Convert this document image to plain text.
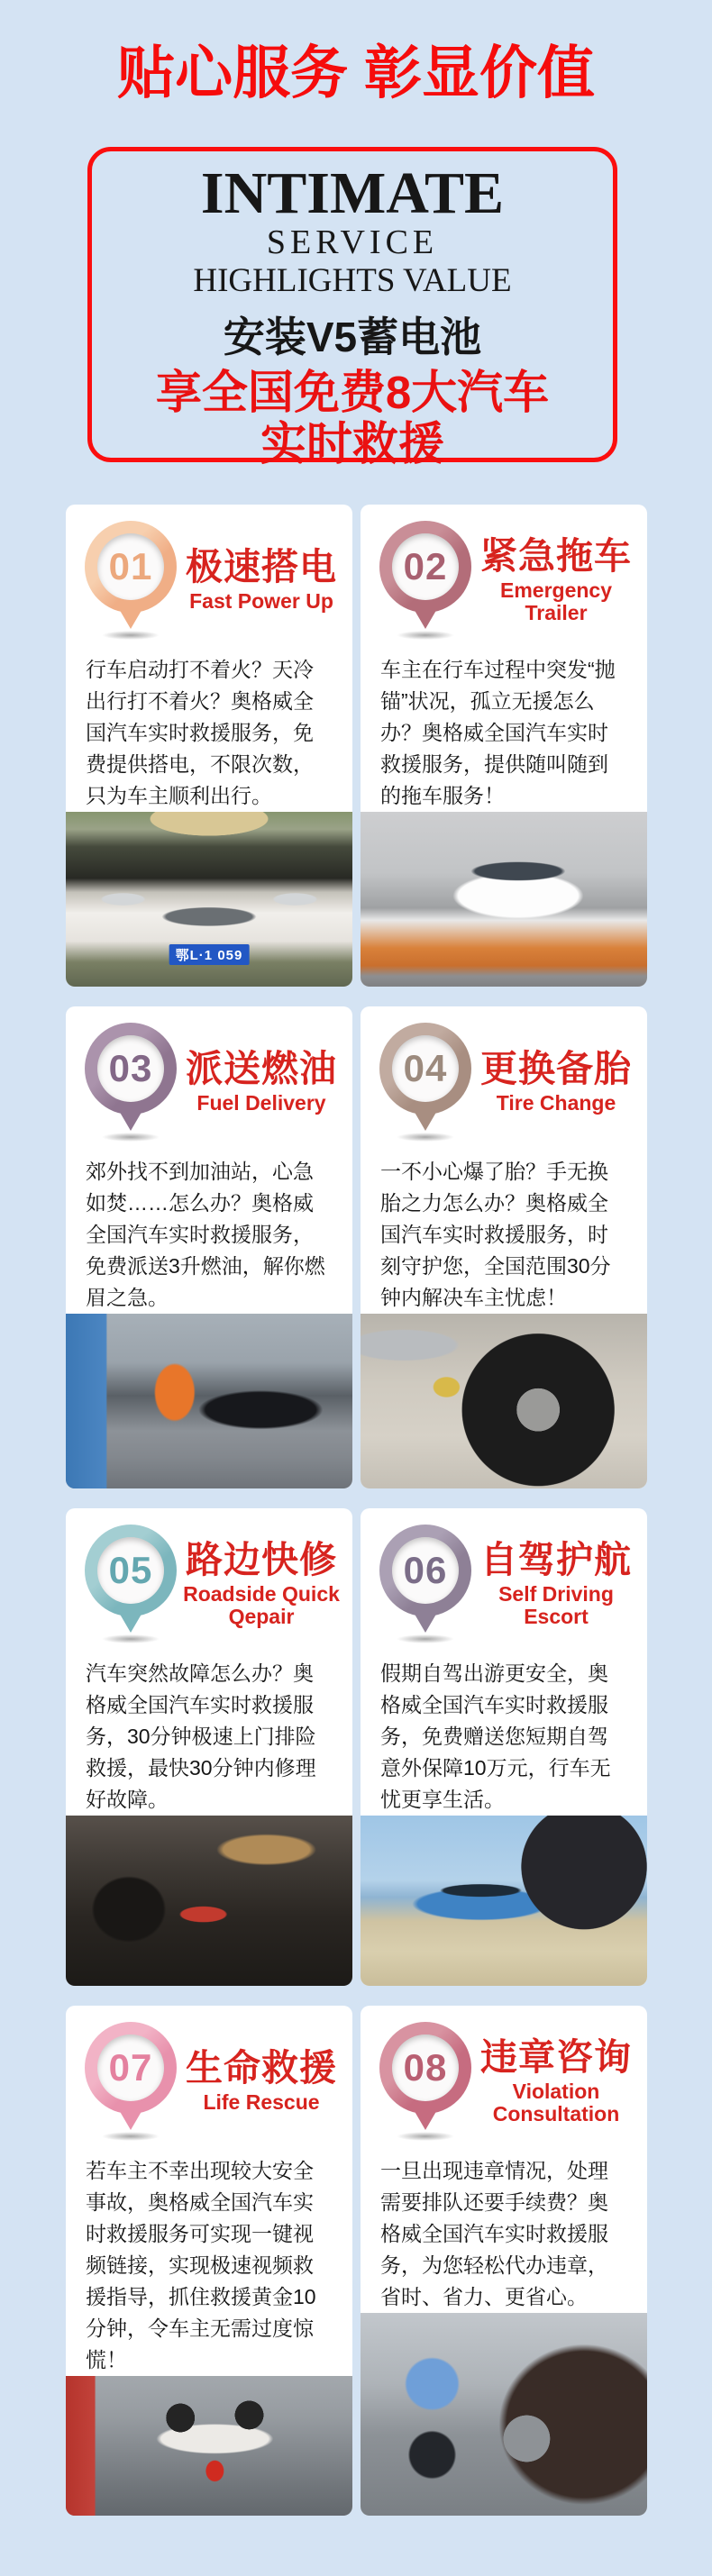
贴心服务 彰显价值
INTIMATE
SERVICE
HIGHLIGHTS VALUE
安装V5蓄电池
享全国免费8大汽车
实时救援
01 极速搭电
Fast Power Up
行车启动打不着火？天冷出行打不着火？奥格威全国汽车实时救援服务，免费提供搭电，不限次数，只为车主顺利出行。
鄂L·1 059
02 紧急拖车
Emergency Trailer
车主在行车过程中突发“抛锚”状况，孤立无援怎么办？奥格威全国汽车实时救援服务，提供随叫随到的拖车服务！
03 派送燃油
Fuel Delivery
郊外找不到加油站，心急如焚……怎么办？奥格威全国汽车实时救援服务，免费派送3升燃油，解你燃眉之急。
04 更换备胎
Tire Change
一不小心爆了胎？手无换胎之力怎么办？奥格威全国汽车实时救援服务，时刻守护您，全国范围30分钟内解决车主忧虑！
05 路边快修
Roadside Quick Qepair
汽车突然故障怎么办？奥格威全国汽车实时救援服务，30分钟极速上门排险救援，最快30分钟内修理好故障。
06 自驾护航
Self Driving Escort
假期自驾出游更安全，奥格威全国汽车实时救援服务，免费赠送您短期自驾意外保障10万元，行车无忧更享生活。
07 生命救援
Life Rescue
若车主不幸出现较大安全事故，奥格威全国汽车实时救援服务可实现一键视频链接，实现极速视频救援指导，抓住救援黄金10分钟，令车主无需过度惊慌！
08 违章咨询
Violation Consultation
一旦出现违章情况，处理需要排队还要手续费？奥格威全国汽车实时救援服务，为您轻松代办违章，省时、省力、更省心。
